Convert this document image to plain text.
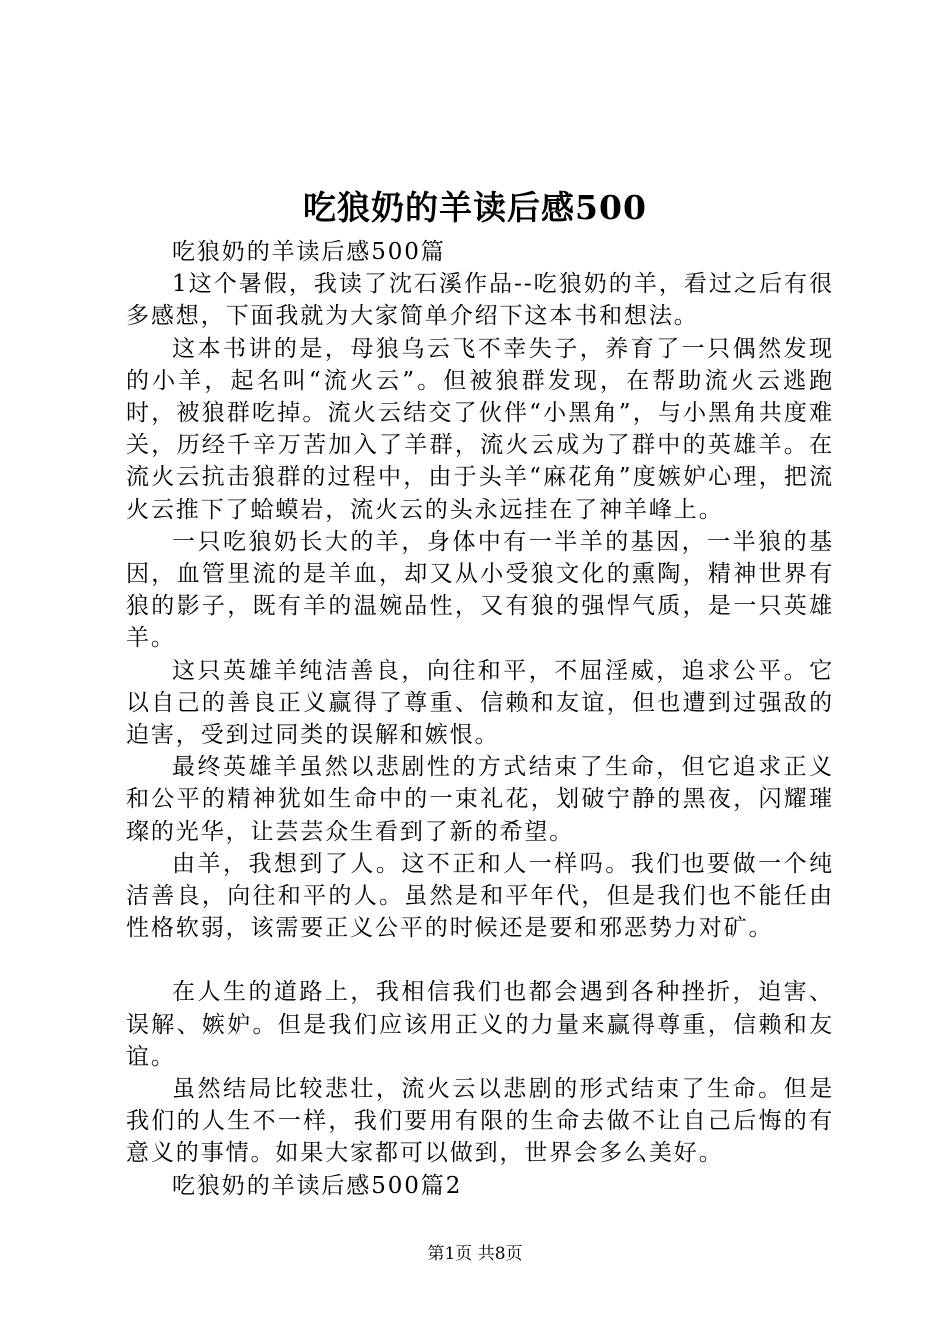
吃狼奶的羊读后感500

吃狼奶的羊读后感500篇

1这个暑假，我读了沈石溪作品--吃狼奶的羊，看过之后有很多感想，下面我就为大家简单介绍下这本书和想法。

这本书讲的是，母狼乌云飞不幸失子，养育了一只偶然发现的小羊，起名叫“流火云”。但被狼群发现，在帮助流火云逃跑时，被狼群吃掉。流火云结交了伙伴“小黑角”，与小黑角共度难关，历经千辛万苦加入了羊群，流火云成为了群中的英雄羊。在流火云抗击狼群的过程中，由于头羊“麻花角”度嫉妒心理，把流火云推下了蛤蟆岩，流火云的头永远挂在了神羊峰上。

一只吃狼奶长大的羊，身体中有一半羊的基因，一半狼的基因，血管里流的是羊血，却又从小受狼文化的熏陶，精神世界有狼的影子，既有羊的温婉品性，又有狼的强悍气质，是一只英雄羊。

这只英雄羊纯洁善良，向往和平，不屈淫威，追求公平。它以自己的善良正义赢得了尊重、信赖和友谊，但也遭到过强敌的迫害，受到过同类的误解和嫉恨。

最终英雄羊虽然以悲剧性的方式结束了生命，但它追求正义和公平的精神犹如生命中的一束礼花，划破宁静的黑夜，闪耀璀璨的光华，让芸芸众生看到了新的希望。

由羊，我想到了人。这不正和人一样吗。我们也要做一个纯洁善良，向往和平的人。虽然是和平年代，但是我们也不能任由性格软弱，该需要正义公平的时候还是要和邪恶势力对矿。

在人生的道路上，我相信我们也都会遇到各种挫折，迫害、误解、嫉妒。但是我们应该用正义的力量来赢得尊重，信赖和友谊。

虽然结局比较悲壮，流火云以悲剧的形式结束了生命。但是我们的人生不一样，我们要用有限的生命去做不让自己后悔的有意义的事情。如果大家都可以做到，世界会多么美好。

吃狼奶的羊读后感500篇2

第1页 共8页
